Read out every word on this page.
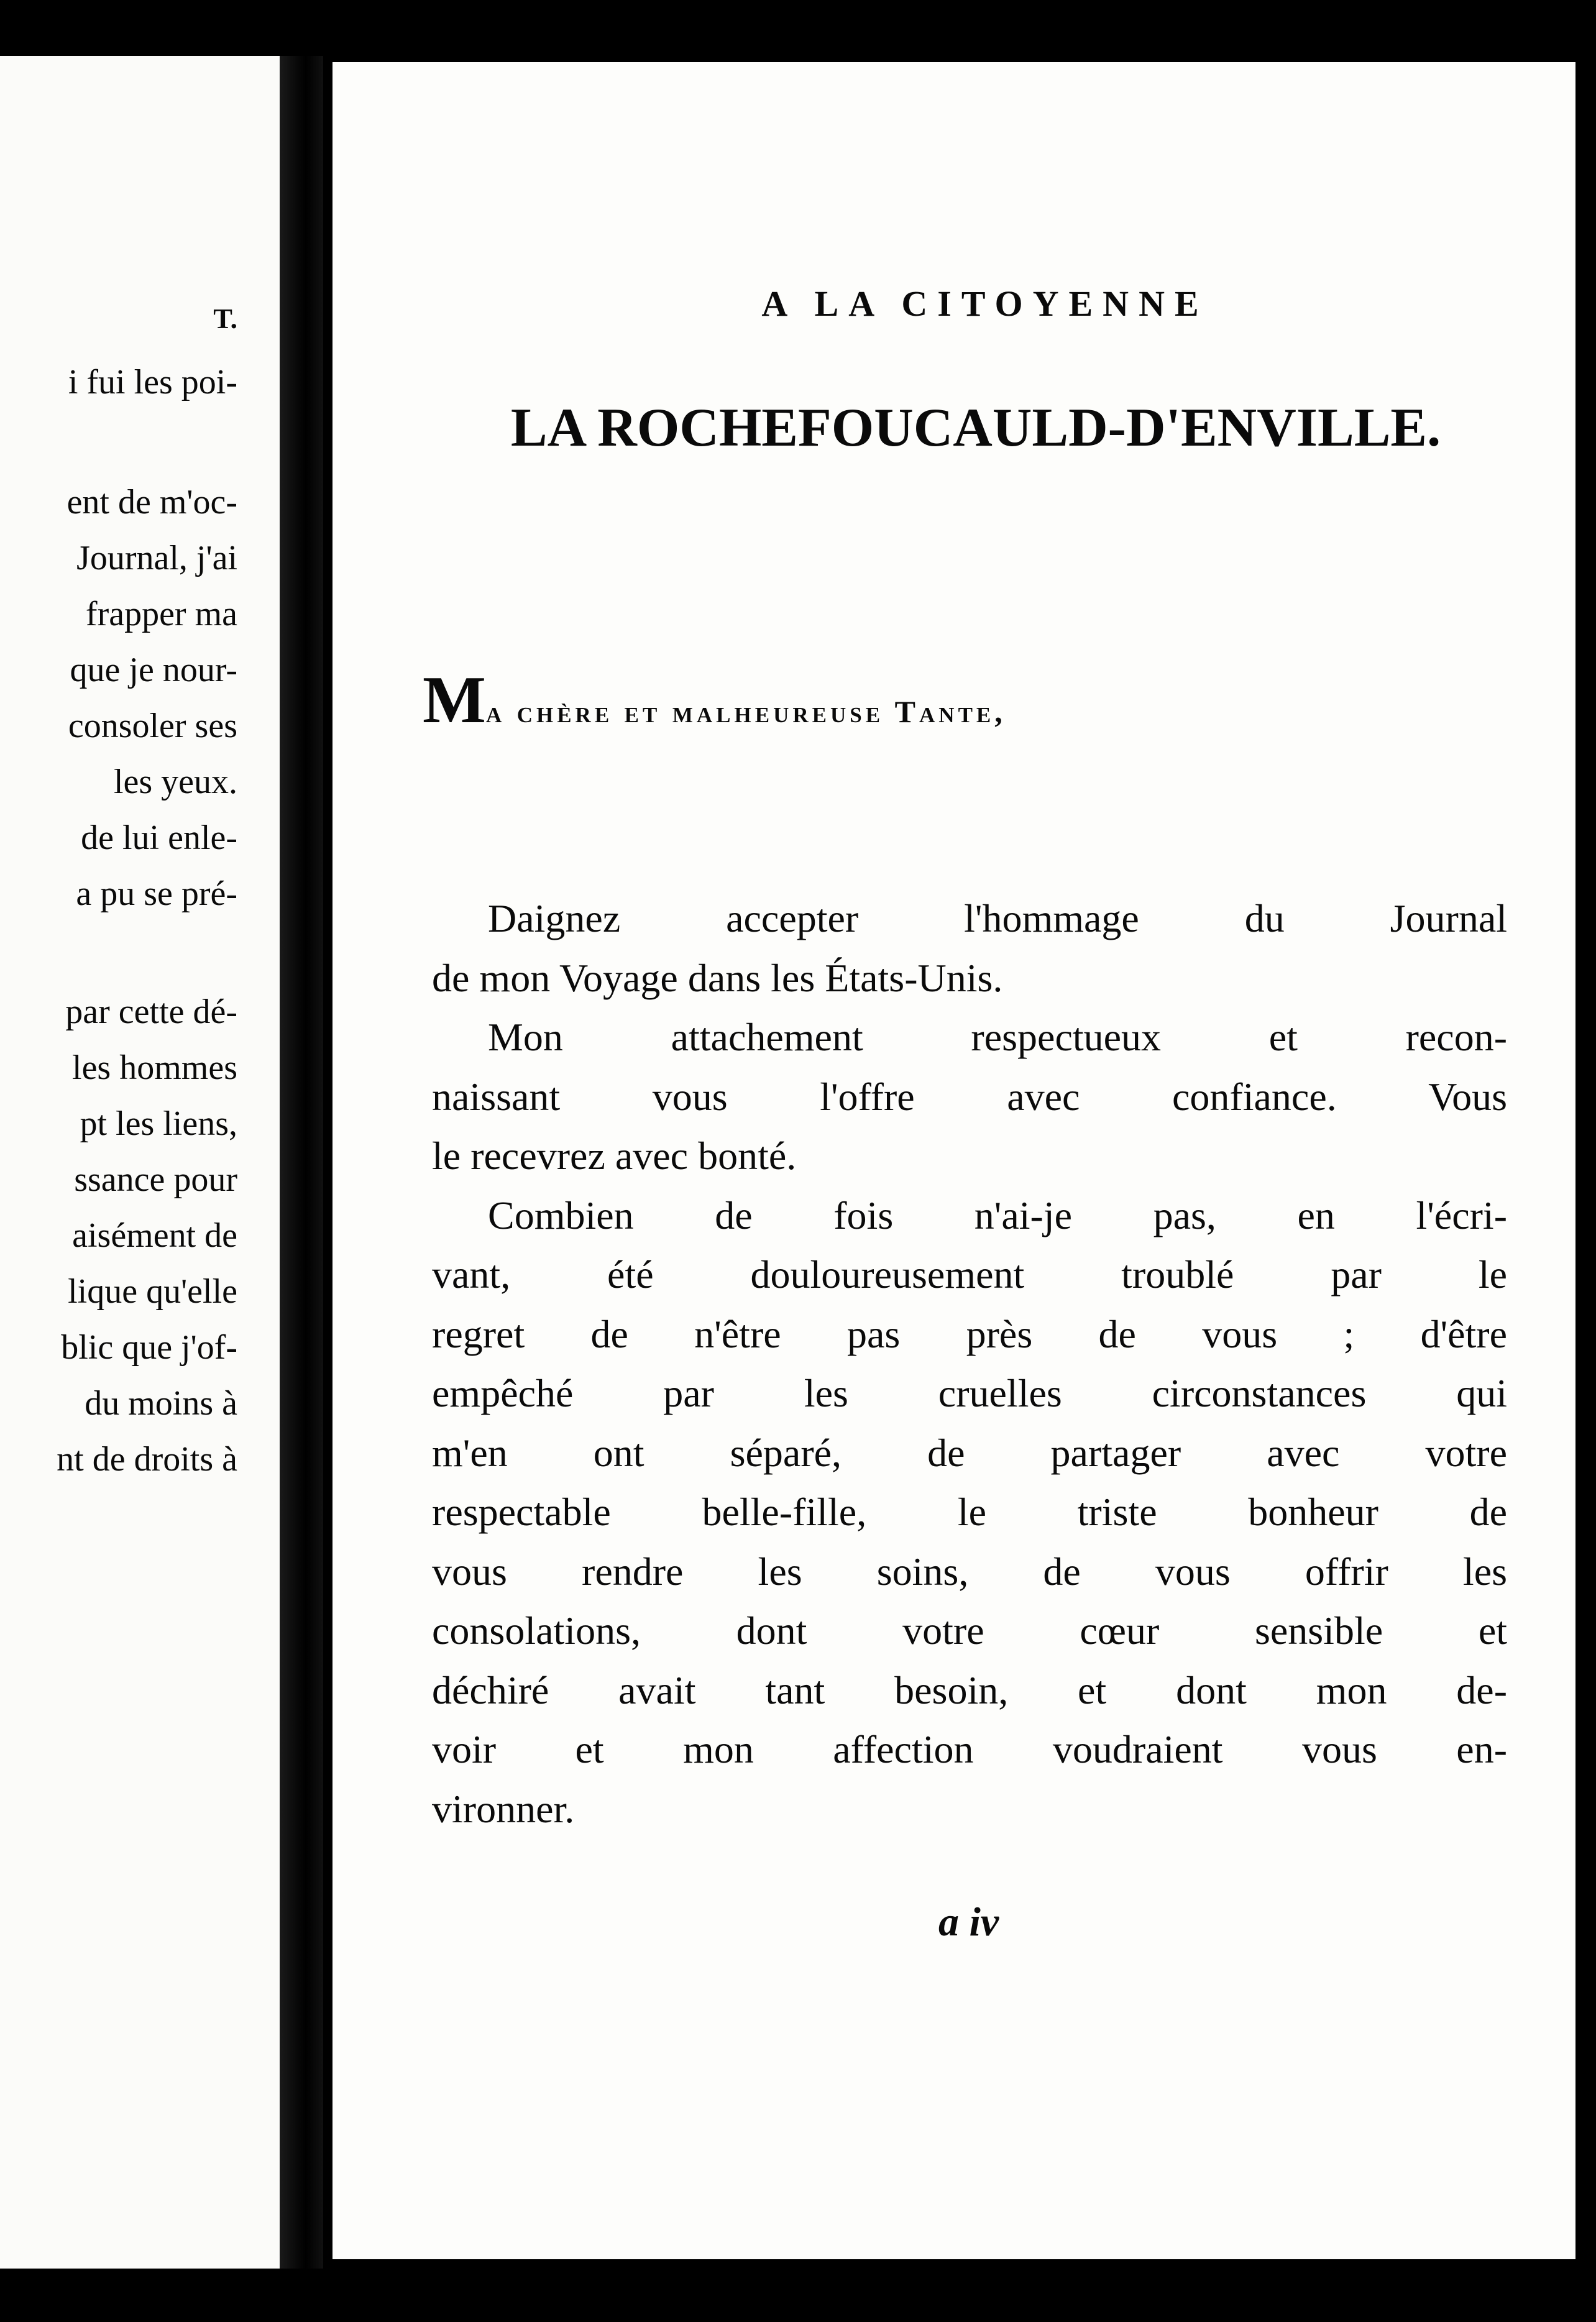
T.
i fui les poi-
ent de m'oc-
Journal, j'ai
frapper ma
que je nour-
consoler ses
les yeux.
de lui enle-
a pu se pré-
par cette dé-
les hommes
pt les liens,
ssance pour
aisément de
lique qu'elle
blic que j'of-
du moins à
nt de droits à
A LA CITOYENNE
LA ROCHEFOUCAULD-D'ENVILLE.
Ma chère et malheureuse Tante,
Daignez accepter l'hommage du Journal
de mon Voyage dans les États-Unis.
Mon attachement respectueux et recon-
naissant vous l'offre avec confiance. Vous
le recevrez avec bonté.
Combien de fois n'ai-je pas, en l'écri-
vant, été douloureusement troublé par le
regret de n'être pas près de vous ; d'être
empêché par les cruelles circonstances qui
m'en ont séparé, de partager avec votre
respectable belle-fille, le triste bonheur de
vous rendre les soins, de vous offrir les
consolations, dont votre cœur sensible et
déchiré avait tant besoin, et dont mon de-
voir et mon affection voudraient vous en-
vironner.
a iv
